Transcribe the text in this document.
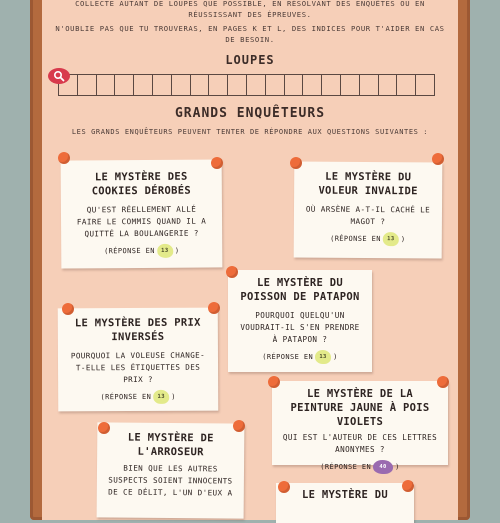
COLLECTE AUTANT DE LOUPES QUE POSSIBLE, EN RÉSOLVANT DES ENQUÊTES OU EN RÉUSSISSANT DES ÉPREUVES.
N'OUBLIE PAS QUE TU TROUVERAS, EN PAGES K ET L, DES INDICES POUR T'AIDER EN CAS DE BESOIN.
LOUPES
GRANDS ENQUÊTEURS
LES GRANDS ENQUÊTEURS PEUVENT TENTER DE RÉPONDRE AUX QUESTIONS SUIVANTES :
LE MYSTÈRE DES COOKIES DÉROBÉS

QU'EST RÉELLEMENT ALLÉ FAIRE LE COMMIS QUAND IL A QUITTÉ LA BOULANGERIE ?

(RÉPONSE EN	13 )
LE MYSTÈRE DU VOLEUR INVALIDE

OÙ ARSÈNE A-T-IL CACHÉ LE MAGOT ?

(RÉPONSE EN	13 )
LE MYSTÈRE DU POISSON DE PATAPON

POURQUOI QUELQU'UN VOUDRAIT-IL S'EN PRENDRE À PATAPON ?

(RÉPONSE EN	13 )
LE MYSTÈRE DES PRIX INVERSÉS

POURQUOI LA VOLEUSE CHANGE-T-ELLE LES ÉTIQUETTES DES PRIX ?

(RÉPONSE EN	13 )	LE MYSTÈRE DE LA PEINTURE JAUNE À POIS VIOLETS

QUI EST L'AUTEUR DE CES LETTRES ANONYMES ?

(RÉPONSE EN	40	)
LE MYSTÈRE DE L'ARROSEUR

BIEN QUE LES AUTRES SUSPECTS SOIENT INNOCENTS DE CE DÉLIT, L'UN D'EUX A	LE MYSTÈRE DU
